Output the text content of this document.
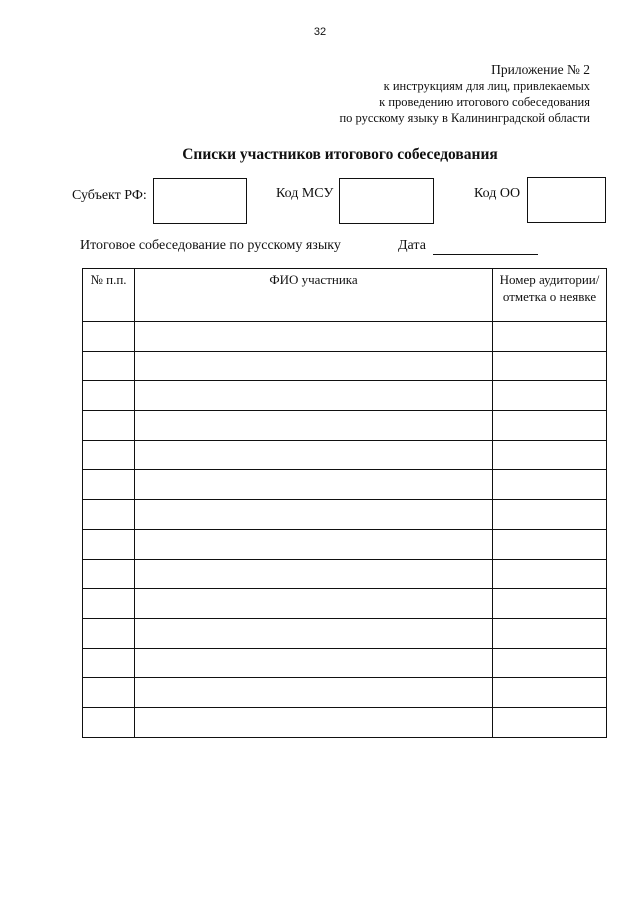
32
Приложение № 2
к инструкциям для лиц, привлекаемых
к проведению итогового собеседования
по русскому языку в Калининградской области
Списки участников итогового собеседования
Субъект РФ:	Код МСУ	Код ОО
Итоговое собеседование по русскому языку	Дата
№ п.п.	ФИО участника	Номер аудитории/ отметка о неявке
